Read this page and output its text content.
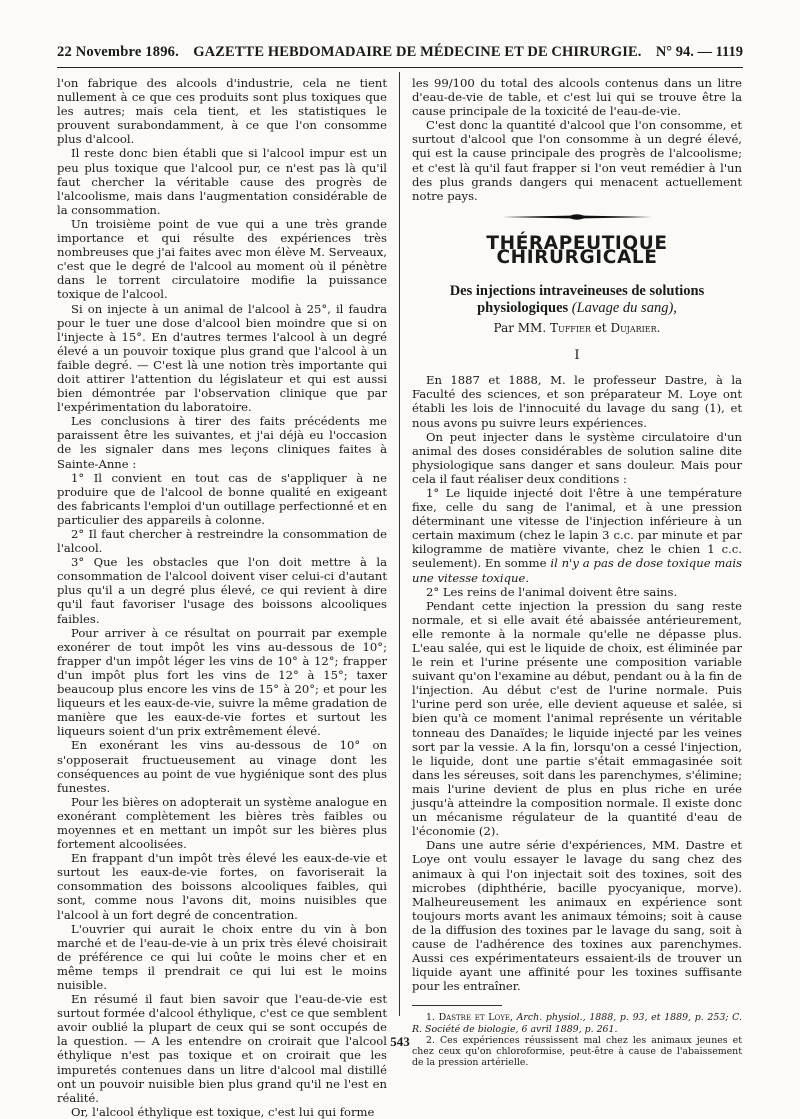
22 Novembre 1896. GAZETTE HEBDOMADAIRE DE MÉDECINE ET DE CHIRURGIE. N° 94. — 1119

l'on fabrique des alcools d'industrie, cela ne tient nullement à ce que ces produits sont plus toxiques que les autres; mais cela tient, et les statistiques le prouvent surabondamment, à ce que l'on consomme plus d'alcool.

Il reste donc bien établi que si l'alcool impur est un peu plus toxique que l'alcool pur, ce n'est pas là qu'il faut chercher la véritable cause des progrès de l'alcoolisme, mais dans l'augmentation considérable de la consommation.

Un troisième point de vue qui a une très grande importance et qui résulte des expériences très nombreuses que j'ai faites avec mon élève M. Serveaux, c'est que le degré de l'alcool au moment où il pénètre dans le torrent circulatoire modifie la puissance toxique de l'alcool.

Si on injecte à un animal de l'alcool à 25°, il faudra pour le tuer une dose d'alcool bien moindre que si on l'injecte à 15°. En d'autres termes l'alcool à un degré élevé a un pouvoir toxique plus grand que l'alcool à un faible degré. — C'est là une notion très importante qui doit attirer l'attention du législateur et qui est aussi bien démontrée par l'observation clinique que par l'expérimentation du laboratoire.

Les conclusions à tirer des faits précédents me paraissent être les suivantes, et j'ai déjà eu l'occasion de les signaler dans mes leçons cliniques faites à Sainte-Anne :

1° Il convient en tout cas de s'appliquer à ne produire que de l'alcool de bonne qualité en exigeant des fabricants l'emploi d'un outillage perfectionné et en particulier des appareils à colonne.

2° Il faut chercher à restreindre la consommation de l'alcool.

3° Que les obstacles que l'on doit mettre à la consommation de l'alcool doivent viser celui-ci d'autant plus qu'il a un degré plus élevé, ce qui revient à dire qu'il faut favoriser l'usage des boissons alcooliques faibles.

Pour arriver à ce résultat on pourrait par exemple exonérer de tout impôt les vins au-dessous de 10°; frapper d'un impôt léger les vins de 10° à 12°; frapper d'un impôt plus fort les vins de 12° à 15°; taxer beaucoup plus encore les vins de 15° à 20°; et pour les liqueurs et les eaux-de-vie, suivre la même gradation de manière que les eaux-de-vie fortes et surtout les liqueurs soient d'un prix extrêmement élevé.

En exonérant les vins au-dessous de 10° on s'opposerait fructueusement au vinage dont les conséquences au point de vue hygiénique sont des plus funestes.

Pour les bières on adopterait un système analogue en exonérant complètement les bières très faibles ou moyennes et en mettant un impôt sur les bières plus fortement alcoolisées.

En frappant d'un impôt très élevé les eaux-de-vie et surtout les eaux-de-vie fortes, on favoriserait la consommation des boissons alcooliques faibles, qui sont, comme nous l'avons dit, moins nuisibles que l'alcool à un fort degré de concentration.

L'ouvrier qui aurait le choix entre du vin à bon marché et de l'eau-de-vie à un prix très élevé choisirait de préférence ce qui lui coûte le moins cher et en même temps il prendrait ce qui lui est le moins nuisible.

En résumé il faut bien savoir que l'eau-de-vie est surtout formée d'alcool éthylique, c'est ce que semblent avoir oublié la plupart de ceux qui se sont occupés de la question. — A les entendre on croirait que l'alcool éthylique n'est pas toxique et on croirait que les impuretés contenues dans un litre d'alcool mal distillé ont un pouvoir nuisible bien plus grand qu'il ne l'est en réalité.

Or, l'alcool éthylique est toxique, c'est lui qui forme

les 99/100 du total des alcools contenus dans un litre d'eau-de-vie de table, et c'est lui qui se trouve être la cause principale de la toxicité de l'eau-de-vie.

C'est donc la quantité d'alcool que l'on consomme, et surtout d'alcool que l'on consomme à un degré élevé, qui est la cause principale des progrès de l'alcoolisme; et c'est là qu'il faut frapper si l'on veut remédier à l'un des plus grands dangers qui menacent actuellement notre pays.

THÉRAPEUTIQUE CHIRURGICALE
Des injections intraveineuses de solutions physiologiques (Lavage du sang),
Par MM. Tuffier et Dujarier.
I

En 1887 et 1888, M. le professeur Dastre, à la Faculté des sciences, et son préparateur M. Loye ont établi les lois de l'innocuité du lavage du sang (1), et nous avons pu suivre leurs expériences.

On peut injecter dans le système circulatoire d'un animal des doses considérables de solution saline dite physiologique sans danger et sans douleur. Mais pour cela il faut réaliser deux conditions :

1° Le liquide injecté doit l'être à une température fixe, celle du sang de l'animal, et à une pression déterminant une vitesse de l'injection inférieure à un certain maximum (chez le lapin 3 c.c. par minute et par kilogramme de matière vivante, chez le chien 1 c.c. seulement). En somme il n'y a pas de dose toxique mais une vitesse toxique.

2° Les reins de l'animal doivent être sains.

Pendant cette injection la pression du sang reste normale, et si elle avait été abaissée antérieurement, elle remonte à la normale qu'elle ne dépasse plus. L'eau salée, qui est le liquide de choix, est éliminée par le rein et l'urine présente une composition variable suivant qu'on l'examine au début, pendant ou à la fin de l'injection. Au début c'est de l'urine normale. Puis l'urine perd son urée, elle devient aqueuse et salée, si bien qu'à ce moment l'animal représente un véritable tonneau des Danaïdes; le liquide injecté par les veines sort par la vessie. A la fin, lorsqu'on a cessé l'injection, le liquide, dont une partie s'était emmagasinée soit dans les séreuses, soit dans les parenchymes, s'élimine; mais l'urine devient de plus en plus riche en urée jusqu'à atteindre la composition normale. Il existe donc un mécanisme régulateur de la quantité d'eau de l'économie (2).

Dans une autre série d'expériences, MM. Dastre et Loye ont voulu essayer le lavage du sang chez des animaux à qui l'on injectait soit des toxines, soit des microbes (diphthérie, bacille pyocyanique, morve). Malheureusement les animaux en expérience sont toujours morts avant les animaux témoins; soit à cause de la diffusion des toxines par le lavage du sang, soit à cause de l'adhérence des toxines aux parenchymes. Aussi ces expérimentateurs essaient-ils de trouver un liquide ayant une affinité pour les toxines suffisante pour les entraîner.

1. Dastre et Loye, Arch. physiol., 1888, p. 93, et 1889, p. 253; C. R. Société de biologie, 6 avril 1889, p. 261.

2. Ces expériences réussissent mal chez les animaux jeunes et chez ceux qu'on chloroformise, peut-être à cause de l'abaissement de la pression artérielle.

543
